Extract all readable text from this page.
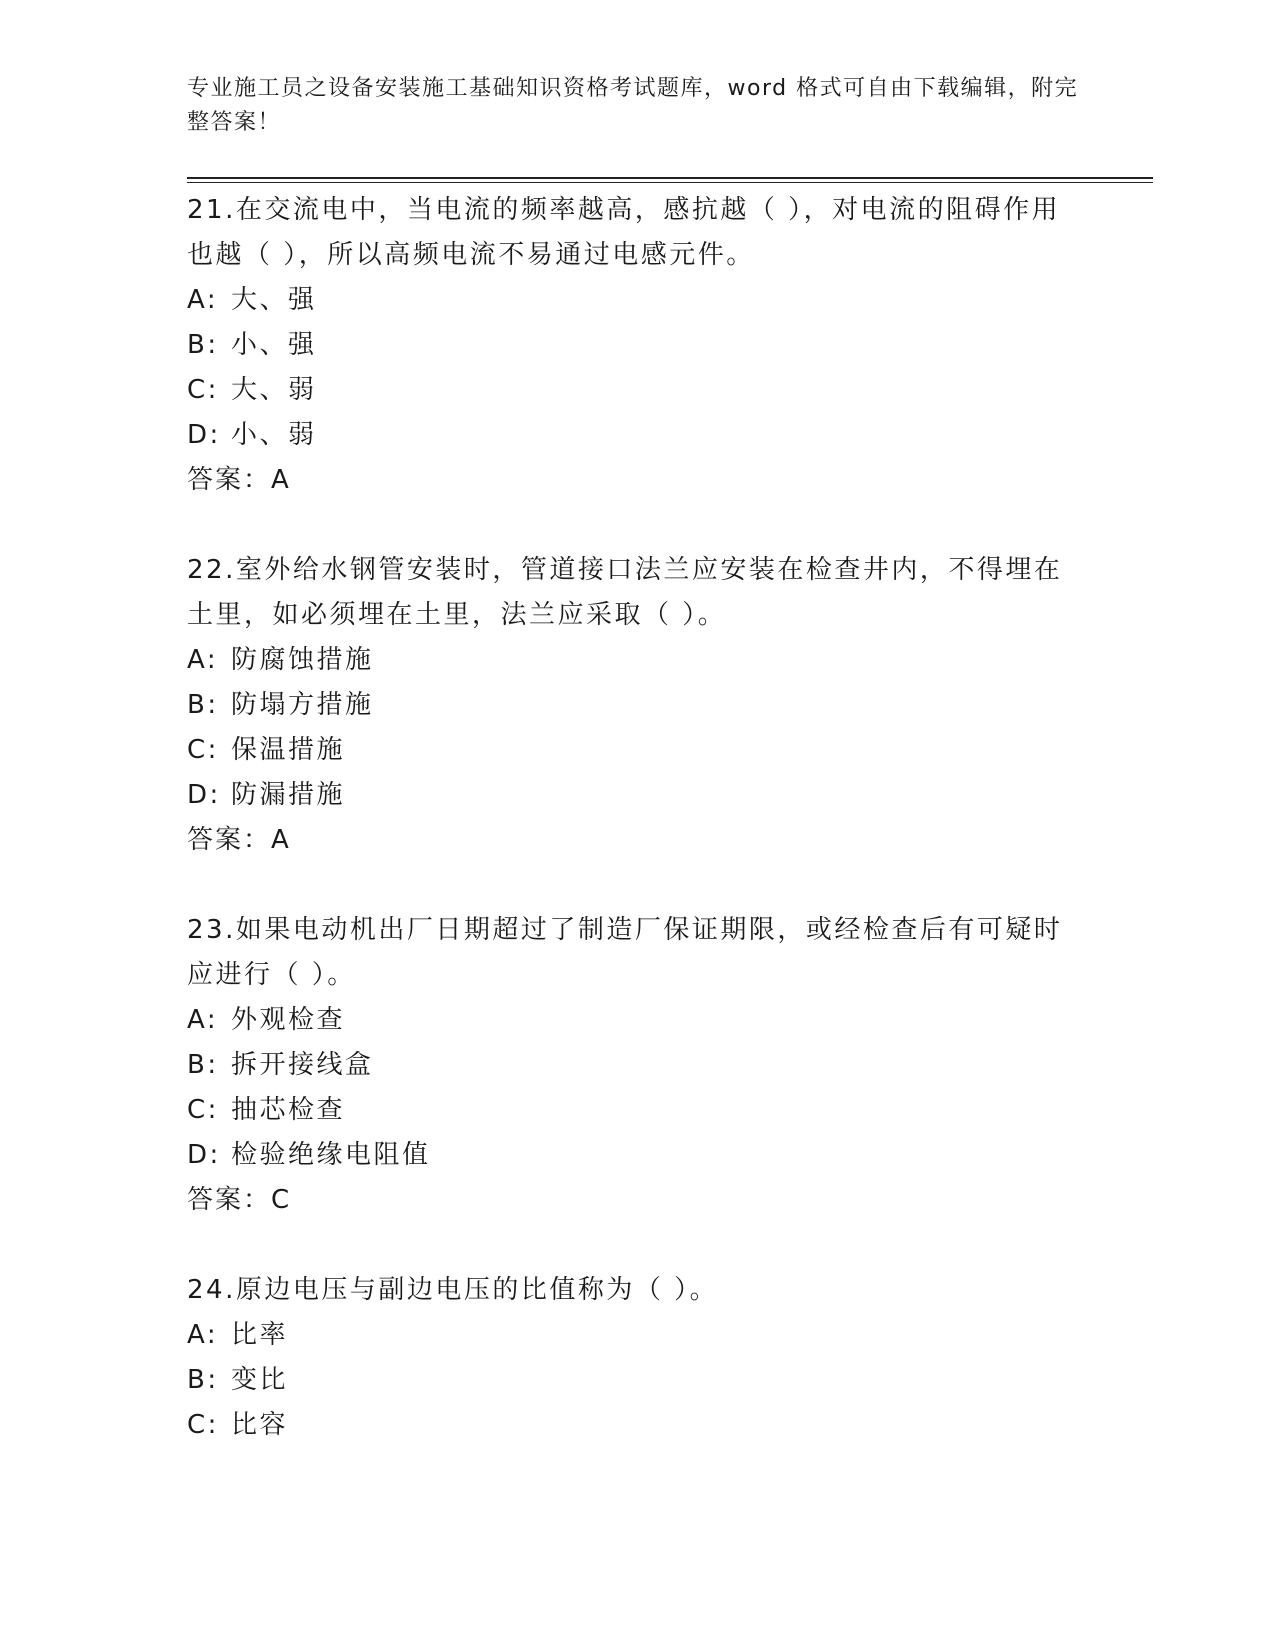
专业施工员之设备安装施工基础知识资格考试题库，word 格式可自由下载编辑，附完整答案！

21.在交流电中，当电流的频率越高，感抗越（ ），对电流的阻碍作用也越（ ），所以高频电流不易通过电感元件。

A: 大、强

B: 小、强

C: 大、弱

D: 小、弱

答案：A

22.室外给水钢管安装时，管道接口法兰应安装在检查井内，不得埋在土里，如必须埋在土里，法兰应采取（ ）。

A: 防腐蚀措施

B: 防塌方措施

C: 保温措施

D: 防漏措施

答案：A

23.如果电动机出厂日期超过了制造厂保证期限，或经检查后有可疑时应进行（ ）。

A: 外观检查

B: 拆开接线盒

C: 抽芯检查

D: 检验绝缘电阻值

答案：C

24.原边电压与副边电压的比值称为（ ）。

A: 比率

B: 变比

C: 比容
